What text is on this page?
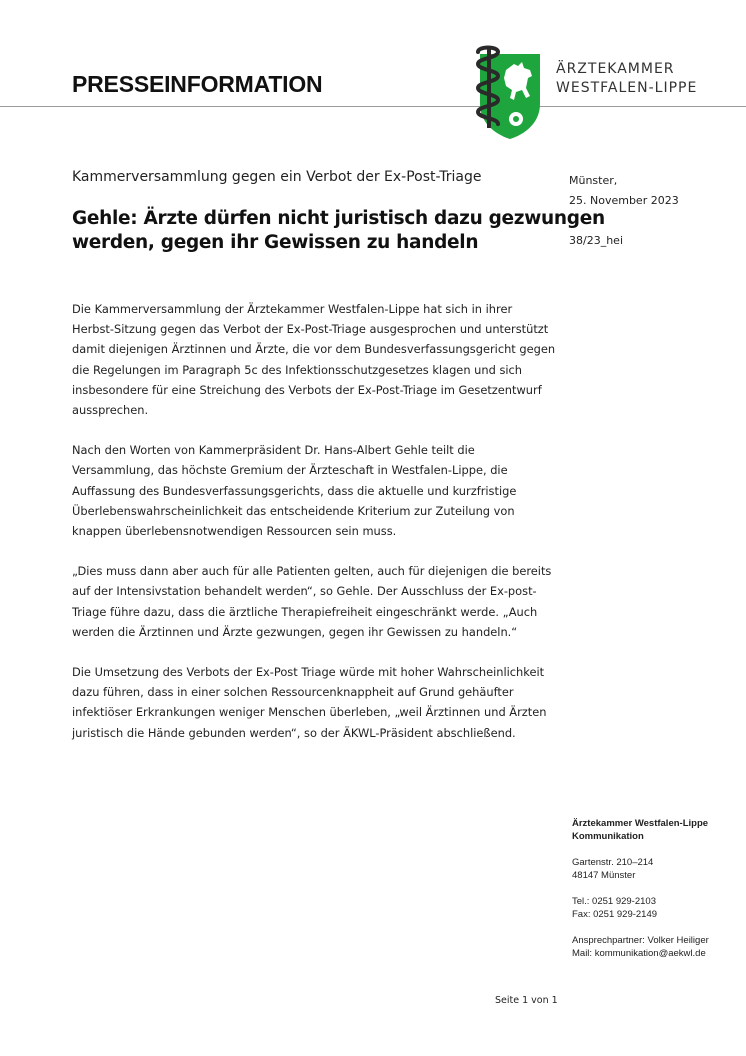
PRESSEINFORMATION
ÄRZTEKAMMER
WESTFALEN-LIPPE
Kammerversammlung gegen ein Verbot der Ex-Post-Triage
Gehle: Ärzte dürfen nicht juristisch dazu gezwungen
werden, gegen ihr Gewissen zu handeln
Münster,
25. November 2023
38/23_hei

Die Kammerversammlung der Ärztekammer Westfalen-Lippe hat sich in ihrer
Herbst-Sitzung gegen das Verbot der Ex-Post-Triage ausgesprochen und unterstützt
damit diejenigen Ärztinnen und Ärzte, die vor dem Bundesverfassungsgericht gegen
die Regelungen im Paragraph 5c des Infektionsschutzgesetzes klagen und sich
insbesondere für eine Streichung des Verbots der Ex-Post-Triage im Gesetzentwurf
aussprechen.

Nach den Worten von Kammerpräsident Dr. Hans-Albert Gehle teilt die
Versammlung, das höchste Gremium der Ärzteschaft in Westfalen-Lippe, die
Auffassung des Bundesverfassungsgerichts, dass die aktuelle und kurzfristige
Überlebenswahrscheinlichkeit das entscheidende Kriterium zur Zuteilung von
knappen überlebensnotwendigen Ressourcen sein muss.

„Dies muss dann aber auch für alle Patienten gelten, auch für diejenigen die bereits
auf der Intensivstation behandelt werden“, so Gehle. Der Ausschluss der Ex-post-
Triage führe dazu, dass die ärztliche Therapiefreiheit eingeschränkt werde. „Auch
werden die Ärztinnen und Ärzte gezwungen, gegen ihr Gewissen zu handeln.“

Die Umsetzung des Verbots der Ex-Post Triage würde mit hoher Wahrscheinlichkeit
dazu führen, dass in einer solchen Ressourcenknappheit auf Grund gehäufter
infektiöser Erkrankungen weniger Menschen überleben, „weil Ärztinnen und Ärzten
juristisch die Hände gebunden werden“, so der ÄKWL-Präsident abschließend.

Ärztekammer Westfalen-Lippe
Kommunikation
Gartenstr. 210–214
48147 Münster
Tel.: 0251 929-2103
Fax: 0251 929-2149
Ansprechpartner: Volker Heiliger
Mail: kommunikation@aekwl.de
Seite 1 von 1
